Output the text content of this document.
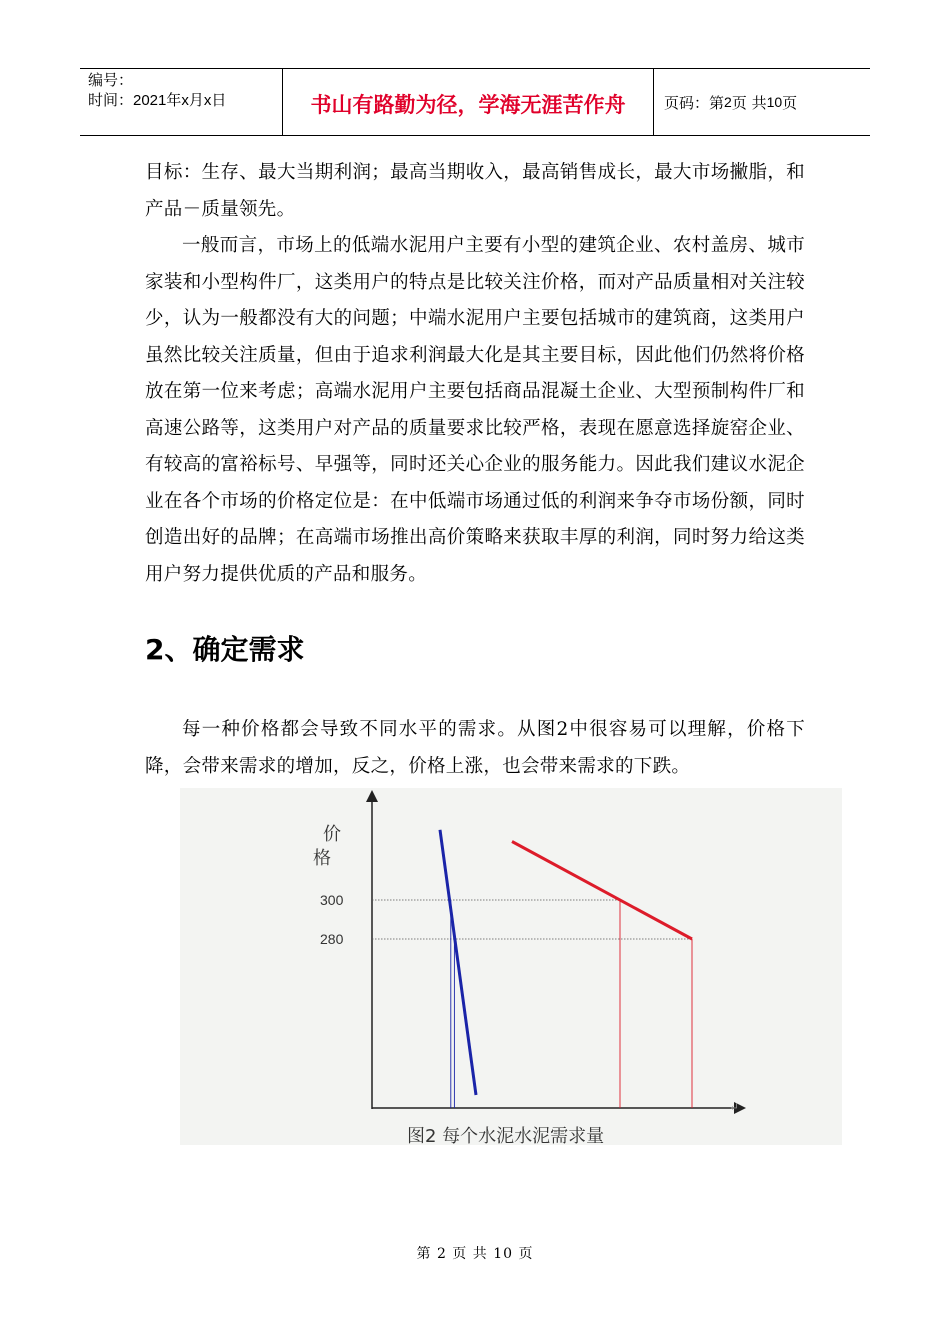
编号：
时间：2021年x月x日	书山有路勤为径，学海无涯苦作舟	页码：第 2 页 共 10 页
目标：生存、最大当期利润；最高当期收入，最高销售成长，最大市场撇脂，和产品－质量领先。
一般而言，市场上的低端水泥用户主要有小型的建筑企业、农村盖房、城市家装和小型构件厂，这类用户的特点是比较关注价格，而对产品质量相对关注较少，认为一般都没有大的问题；中端水泥用户主要包括城市的建筑商，这类用户虽然比较关注质量，但由于追求利润最大化是其主要目标，因此他们仍然将价格放在第一位来考虑；高端水泥用户主要包括商品混凝土企业、大型预制构件厂和高速公路等，这类用户对产品的质量要求比较严格，表现在愿意选择旋窑企业、有较高的富裕标号、早强等，同时还关心企业的服务能力。因此我们建议水泥企业在各个市场的价格定位是：在中低端市场通过低的利润来争夺市场份额，同时创造出好的品牌；在高端市场推出高价策略来获取丰厚的利润，同时努力给这类用户努力提供优质的产品和服务。
2、确定需求
每一种价格都会导致不同水平的需求。从图2中很容易可以理解，价格下降，会带来需求的增加，反之，价格上涨，也会带来需求的下跌。
价
格
300
280
图2 每个水泥水泥需求量
↵
第 2 页 共 10 页
